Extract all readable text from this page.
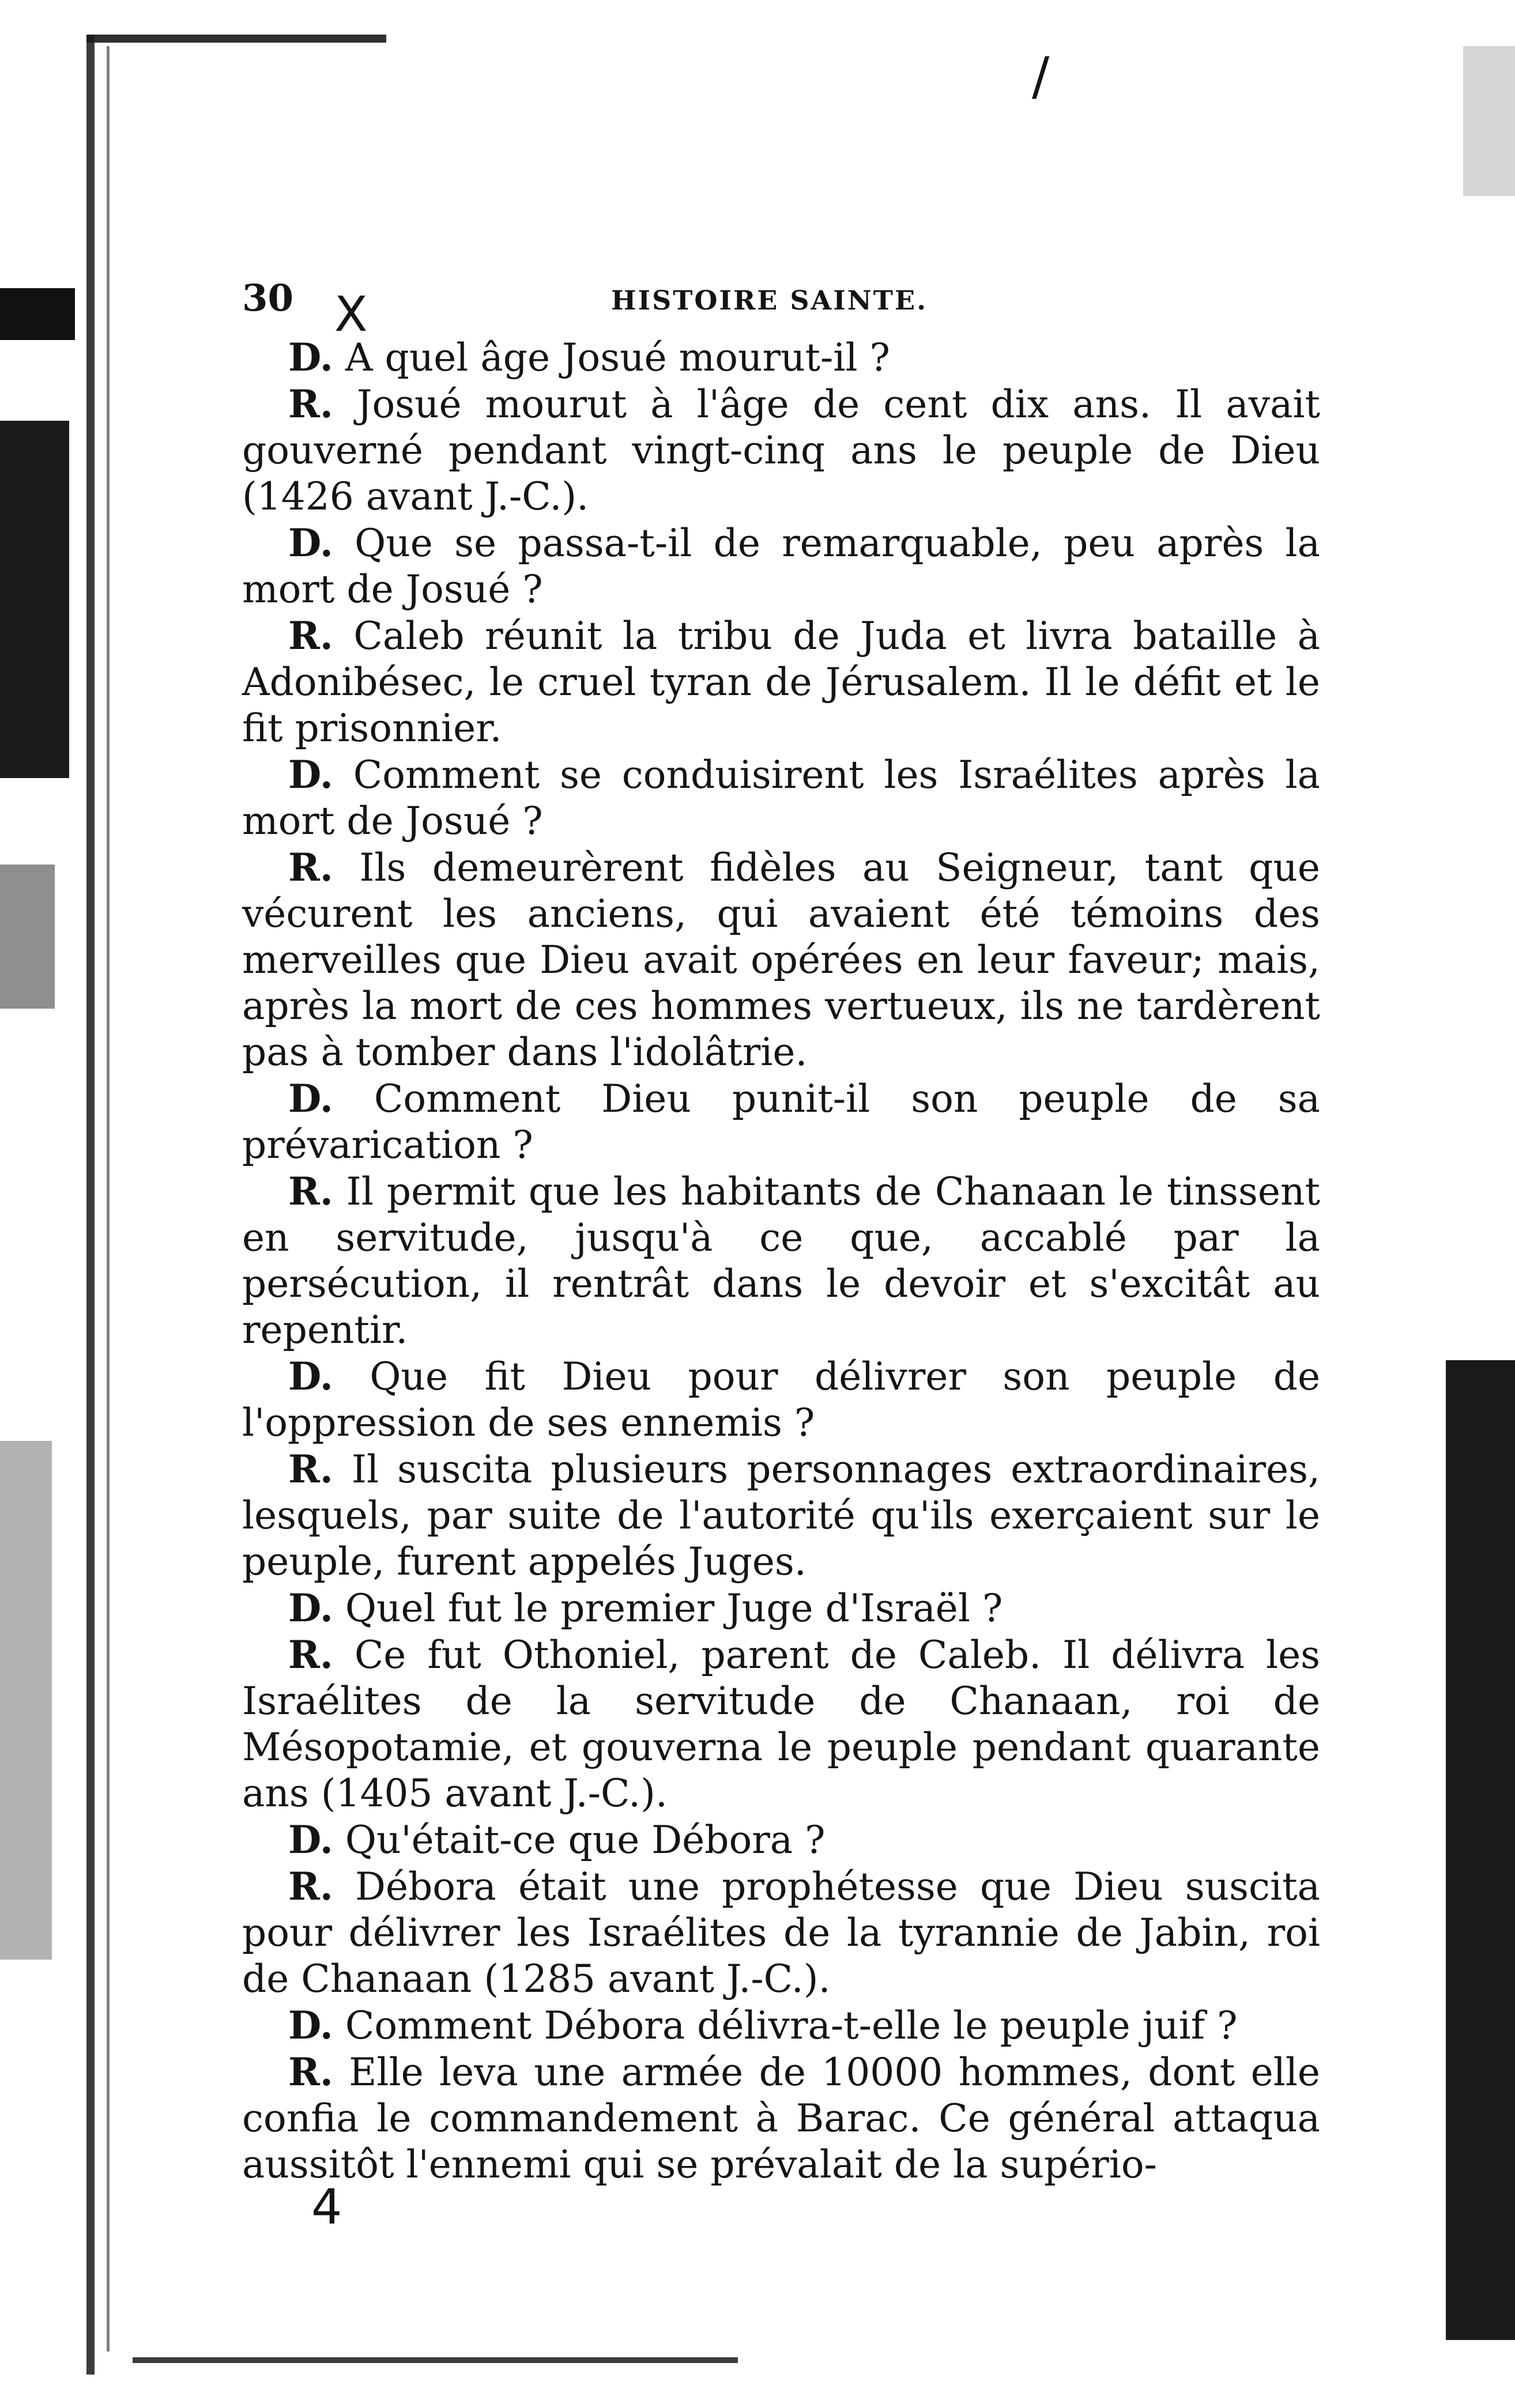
/
30 X	HISTOIRE SAINTE.

D. A quel âge Josué mourut-il ?

R. Josué mourut à l'âge de cent dix ans. Il avait gouverné pendant vingt-cinq ans le peuple de Dieu (1426 avant J.-C.).

D. Que se passa-t-il de remarquable, peu après la mort de Josué ?

R. Caleb réunit la tribu de Juda et livra bataille à Adonibésec, le cruel tyran de Jérusalem. Il le défit et le fit prisonnier.

D. Comment se conduisirent les Israélites après la mort de Josué ?

R. Ils demeurèrent fidèles au Seigneur, tant que vécurent les anciens, qui avaient été témoins des merveilles que Dieu avait opérées en leur faveur; mais, après la mort de ces hommes vertueux, ils ne tardèrent pas à tomber dans l'idolâtrie.

D. Comment Dieu punit-il son peuple de sa prévarication ?

R. Il permit que les habitants de Chanaan le tinssent en servitude, jusqu'à ce que, accablé par la persécution, il rentrât dans le devoir et s'excitât au repentir.

D. Que fit Dieu pour délivrer son peuple de l'oppression de ses ennemis ?

R. Il suscita plusieurs personnages extraordinaires, lesquels, par suite de l'autorité qu'ils exerçaient sur le peuple, furent appelés Juges.

D. Quel fut le premier Juge d'Israël ?

R. Ce fut Othoniel, parent de Caleb. Il délivra les Israélites de la servitude de Chanaan, roi de Mésopotamie, et gouverna le peuple pendant quarante ans (1405 avant J.-C.).

D. Qu'était-ce que Débora ?

R. Débora était une prophétesse que Dieu suscita pour délivrer les Israélites de la tyrannie de Jabin, roi de Chanaan (1285 avant J.-C.).

D. Comment Débora délivra-t-elle le peuple juif ?

R. Elle leva une armée de 10000 hommes, dont elle confia le commandement à Barac. Ce général attaqua aussitôt l'ennemi qui se prévalait de la supério-

4
